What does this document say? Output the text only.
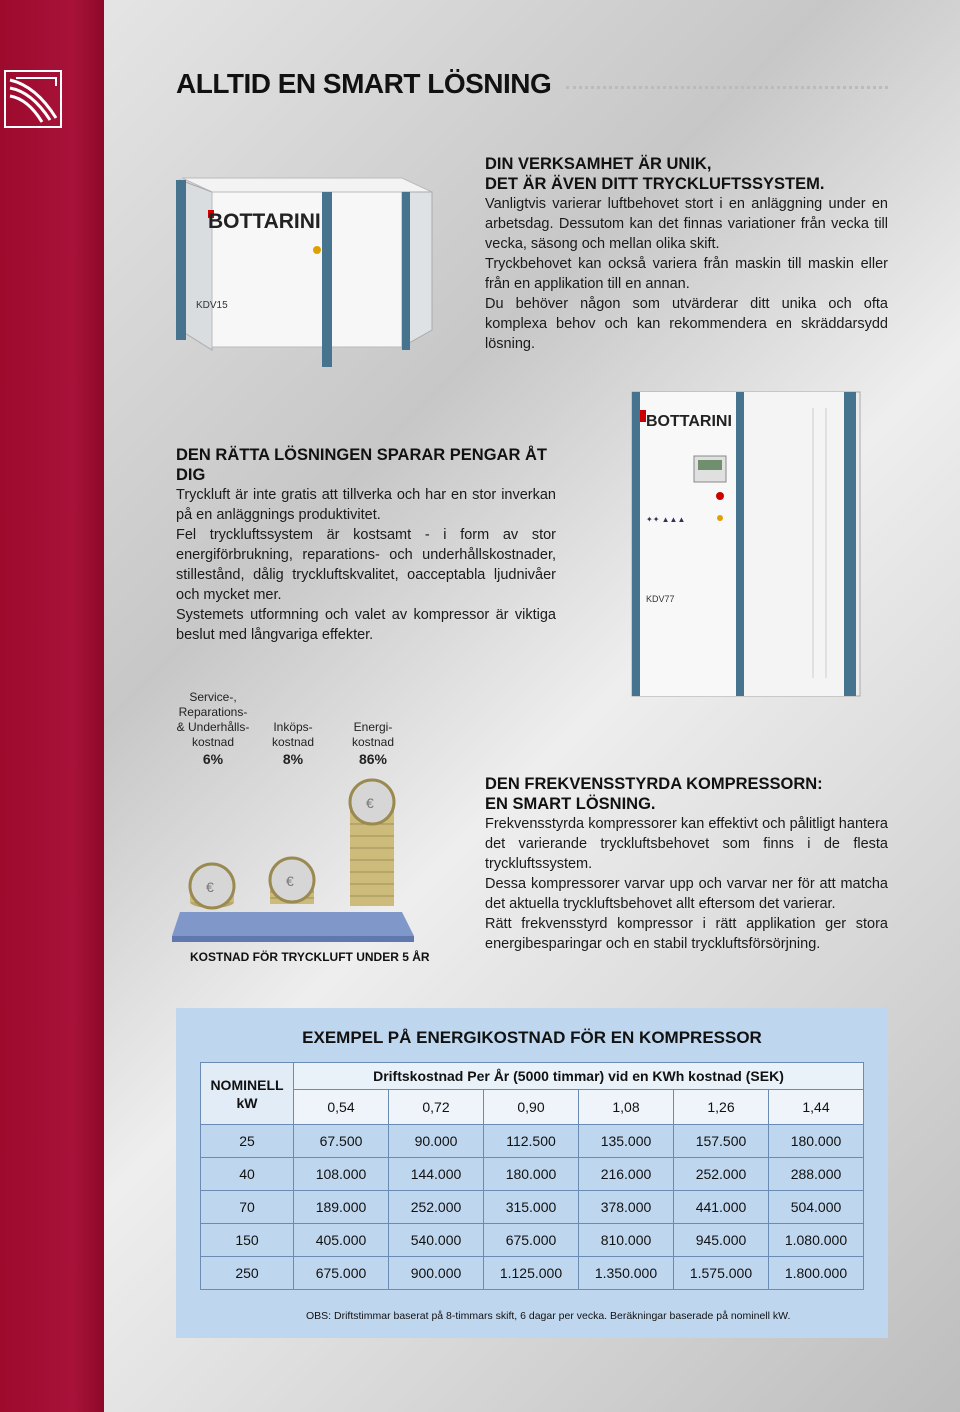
ALLTID EN SMART LÖSNING
BOTTARINI
KDV15
DIN VERKSAMHET ÄR UNIK,
DET ÄR ÄVEN DITT TRYCKLUFTSSYSTEM.

Vanligtvis varierar luftbehovet stort i en anläggning under en arbetsdag. Dessutom kan det finnas variationer från vecka till vecka, säsong och mellan olika skift.

Tryckbehovet kan också variera från maskin till maskin eller från en applikation till en annan.

Du behöver någon som utvärderar ditt unika och ofta komplexa behov och kan rekommendera en skräddarsydd lösning.

DEN RÄTTA LÖSNINGEN SPARAR PENGAR ÅT DIG

Tryckluft är inte gratis att tillverka och har en stor inverkan på en anläggnings produktivitet.

Fel tryckluftssystem är kostsamt - i form av stor energiförbrukning, reparations- och underhållskostnader, stillestånd, dålig tryckluftskvalitet, oacceptabla ljudnivåer och mycket mer.

Systemets utformning och valet av kompressor är viktiga beslut med långvariga effekter.

BOTTARINI
✦✦ ▲▲▲
KDV77
Service-, Reparations- & Underhålls- kostnad
6%
Inköps- kostnad
8%
Energi- kostnad
86%
€	€
€
KOSTNAD FÖR TRYCKLUFT UNDER 5 ÅR
DEN FREKVENSSTYRDA KOMPRESSORN:
EN SMART LÖSNING.

Frekvensstyrda kompressorer kan effektivt och pålitligt hantera det varierande tryckluftsbehovet som finns i de flesta tryckluftssystem.

Dessa kompressorer varvar upp och varvar ner för att matcha det aktuella tryckluftsbehovet allt eftersom det varierar.

Rätt frekvensstyrd kompressor i rätt applikation ger stora energibesparingar och en stabil tryckluftsförsörjning.

EXEMPEL PÅ ENERGIKOSTNAD FÖR EN KOMPRESSOR
NOMINELL kW	Driftskostnad Per År (5000 timmar) vid en KWh kostnad (SEK)					
	0,54	0,72	0,90	1,08	1,26	1,44
25	67.500	90.000	112.500	135.000	157.500	180.000
40	108.000	144.000	180.000	216.000	252.000	288.000
70	189.000	252.000	315.000	378.000	441.000	504.000
150	405.000	540.000	675.000	810.000	945.000	1.080.000
250	675.000	900.000	1.125.000	1.350.000	1.575.000	1.800.000
OBS: Driftstimmar baserat på 8-timmars skift, 6 dagar per vecka. Beräkningar baserade på nominell kW.
